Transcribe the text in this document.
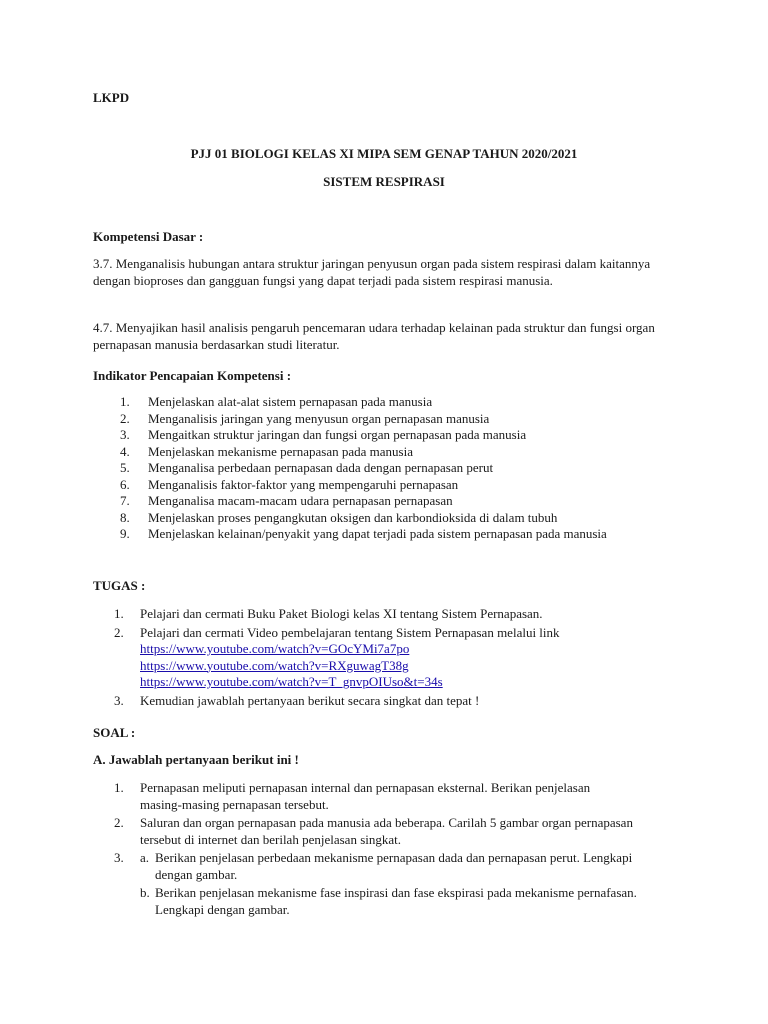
LKPD
PJJ 01 BIOLOGI KELAS XI MIPA SEM GENAP TAHUN 2020/2021
SISTEM RESPIRASI
Kompetensi Dasar :
3.7. Menganalisis hubungan antara struktur jaringan penyusun organ pada sistem respirasi dalam kaitannya dengan bioproses dan gangguan fungsi yang dapat terjadi pada sistem respirasi manusia.
4.7. Menyajikan hasil analisis pengaruh pencemaran udara terhadap kelainan pada struktur dan fungsi organ pernapasan manusia berdasarkan studi literatur.
Indikator Pencapaian Kompetensi :
1. Menjelaskan alat-alat sistem pernapasan pada manusia
2. Menganalisis jaringan yang menyusun organ pernapasan manusia
3. Mengaitkan struktur jaringan dan fungsi organ pernapasan pada manusia
4. Menjelaskan mekanisme pernapasan pada manusia
5. Menganalisa perbedaan pernapasan dada dengan pernapasan perut
6. Menganalisis faktor-faktor yang mempengaruhi pernapasan
7. Menganalisa macam-macam udara pernapasan pernapasan
8. Menjelaskan proses pengangkutan oksigen dan karbondioksida di dalam tubuh
9. Menjelaskan kelainan/penyakit yang dapat terjadi pada sistem pernapasan pada manusia
TUGAS :
1. Pelajari dan cermati Buku Paket Biologi kelas XI tentang Sistem Pernapasan.
2. Pelajari dan cermati Video pembelajaran tentang Sistem Pernapasan melalui link
https://www.youtube.com/watch?v=GOcYMi7a7po
https://www.youtube.com/watch?v=RXguwagT38g
https://www.youtube.com/watch?v=T_gnvpOIUso&t=34s
3. Kemudian jawablah pertanyaan berikut secara singkat dan tepat !
SOAL :
A. Jawablah pertanyaan berikut ini !
1. Pernapasan meliputi pernapasan internal dan pernapasan eksternal. Berikan penjelasan masing-masing pernapasan tersebut.
2. Saluran dan organ pernapasan pada manusia ada beberapa. Carilah 5 gambar organ pernapasan tersebut di internet dan berilah penjelasan singkat.
3. a. Berikan penjelasan perbedaan mekanisme pernapasan dada dan pernapasan perut. Lengkapi dengan gambar.
b. Berikan penjelasan mekanisme fase inspirasi dan fase ekspirasi pada mekanisme pernafasan. Lengkapi dengan gambar.
